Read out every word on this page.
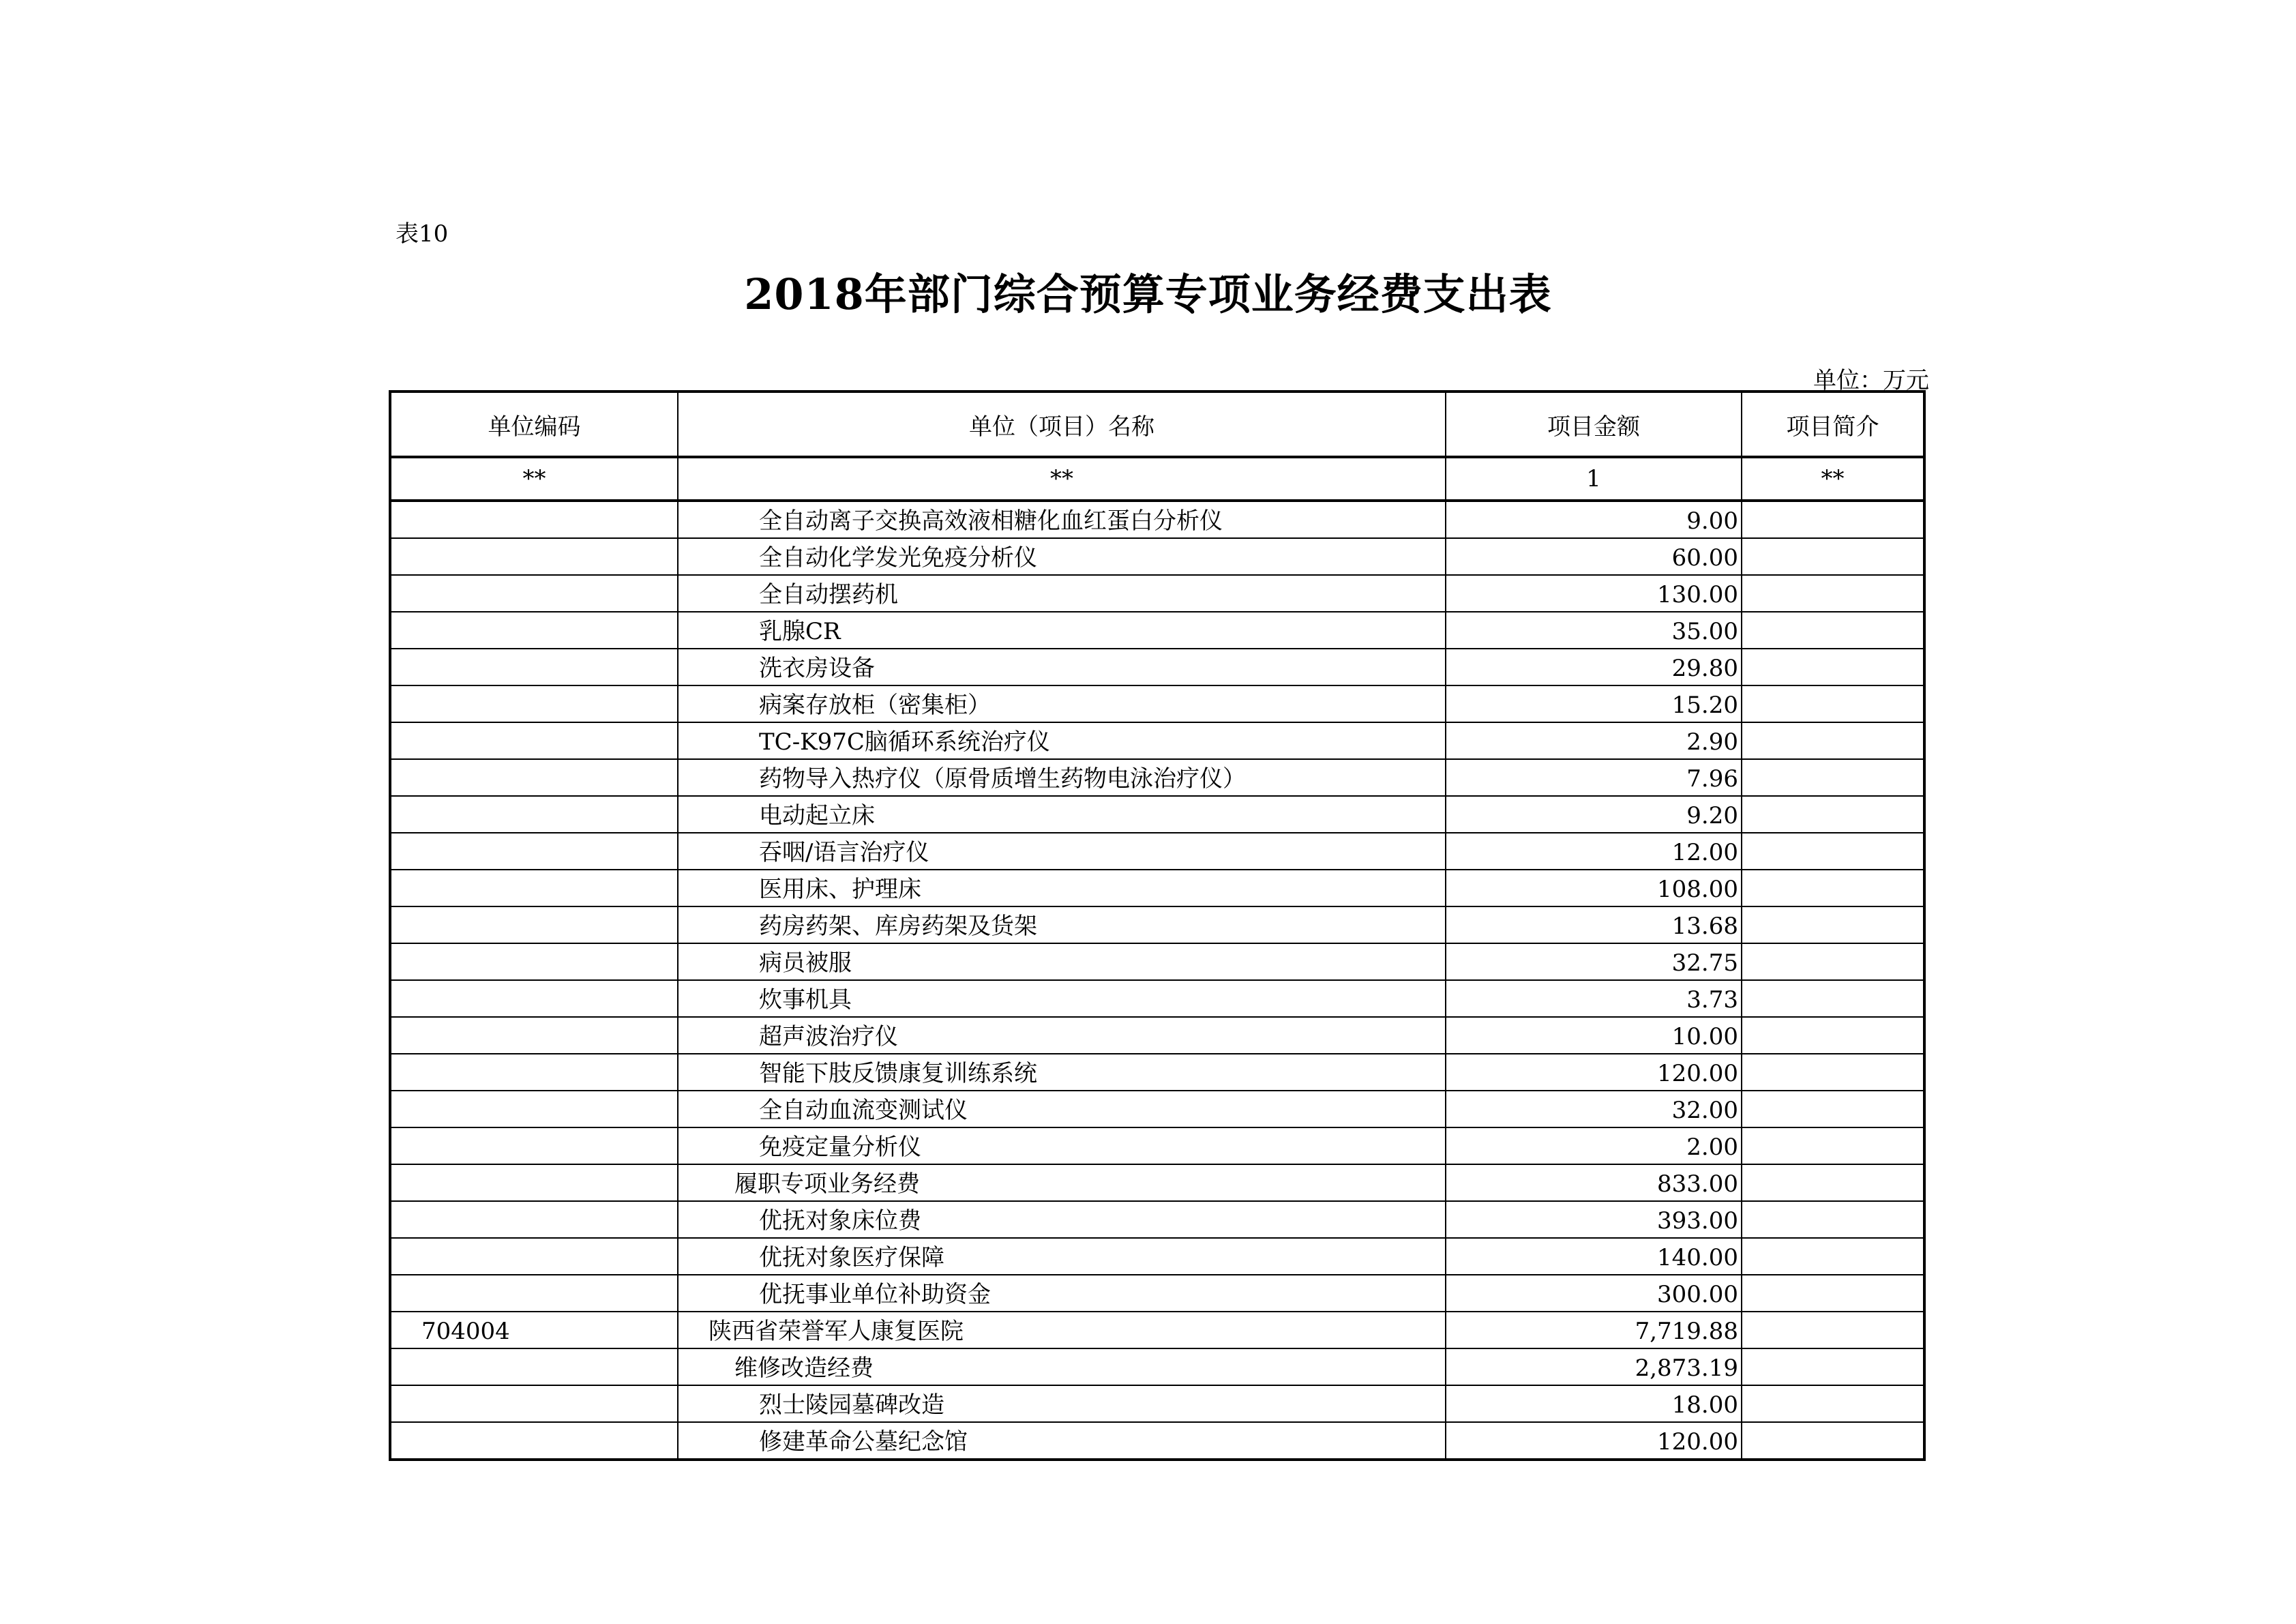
表10
2018年部门综合预算专项业务经费支出表
单位：万元
单位编码	单位（项目）名称	项目金额	项目简介
**	**	1	**
	全自动离子交换高效液相糖化血红蛋白分析仪	9.00	
	全自动化学发光免疫分析仪	60.00	
	全自动摆药机	130.00	
	乳腺CR	35.00	
	洗衣房设备	29.80	
	病案存放柜（密集柜）	15.20	
	TC-K97C脑循环系统治疗仪	2.90	
	药物导入热疗仪（原骨质增生药物电泳治疗仪）	7.96	
	电动起立床	9.20	
	吞咽/语言治疗仪	12.00	
	医用床、护理床	108.00	
	药房药架、库房药架及货架	13.68	
	病员被服	32.75	
	炊事机具	3.73	
	超声波治疗仪	10.00	
	智能下肢反馈康复训练系统	120.00	
	全自动血流变测试仪	32.00	
	免疫定量分析仪	2.00	
	履职专项业务经费	833.00	
	优抚对象床位费	393.00	
	优抚对象医疗保障	140.00	
	优抚事业单位补助资金	300.00	
704004	陕西省荣誉军人康复医院	7,719.88	
	维修改造经费	2,873.19	
	烈士陵园墓碑改造	18.00	
	修建革命公墓纪念馆	120.00	
